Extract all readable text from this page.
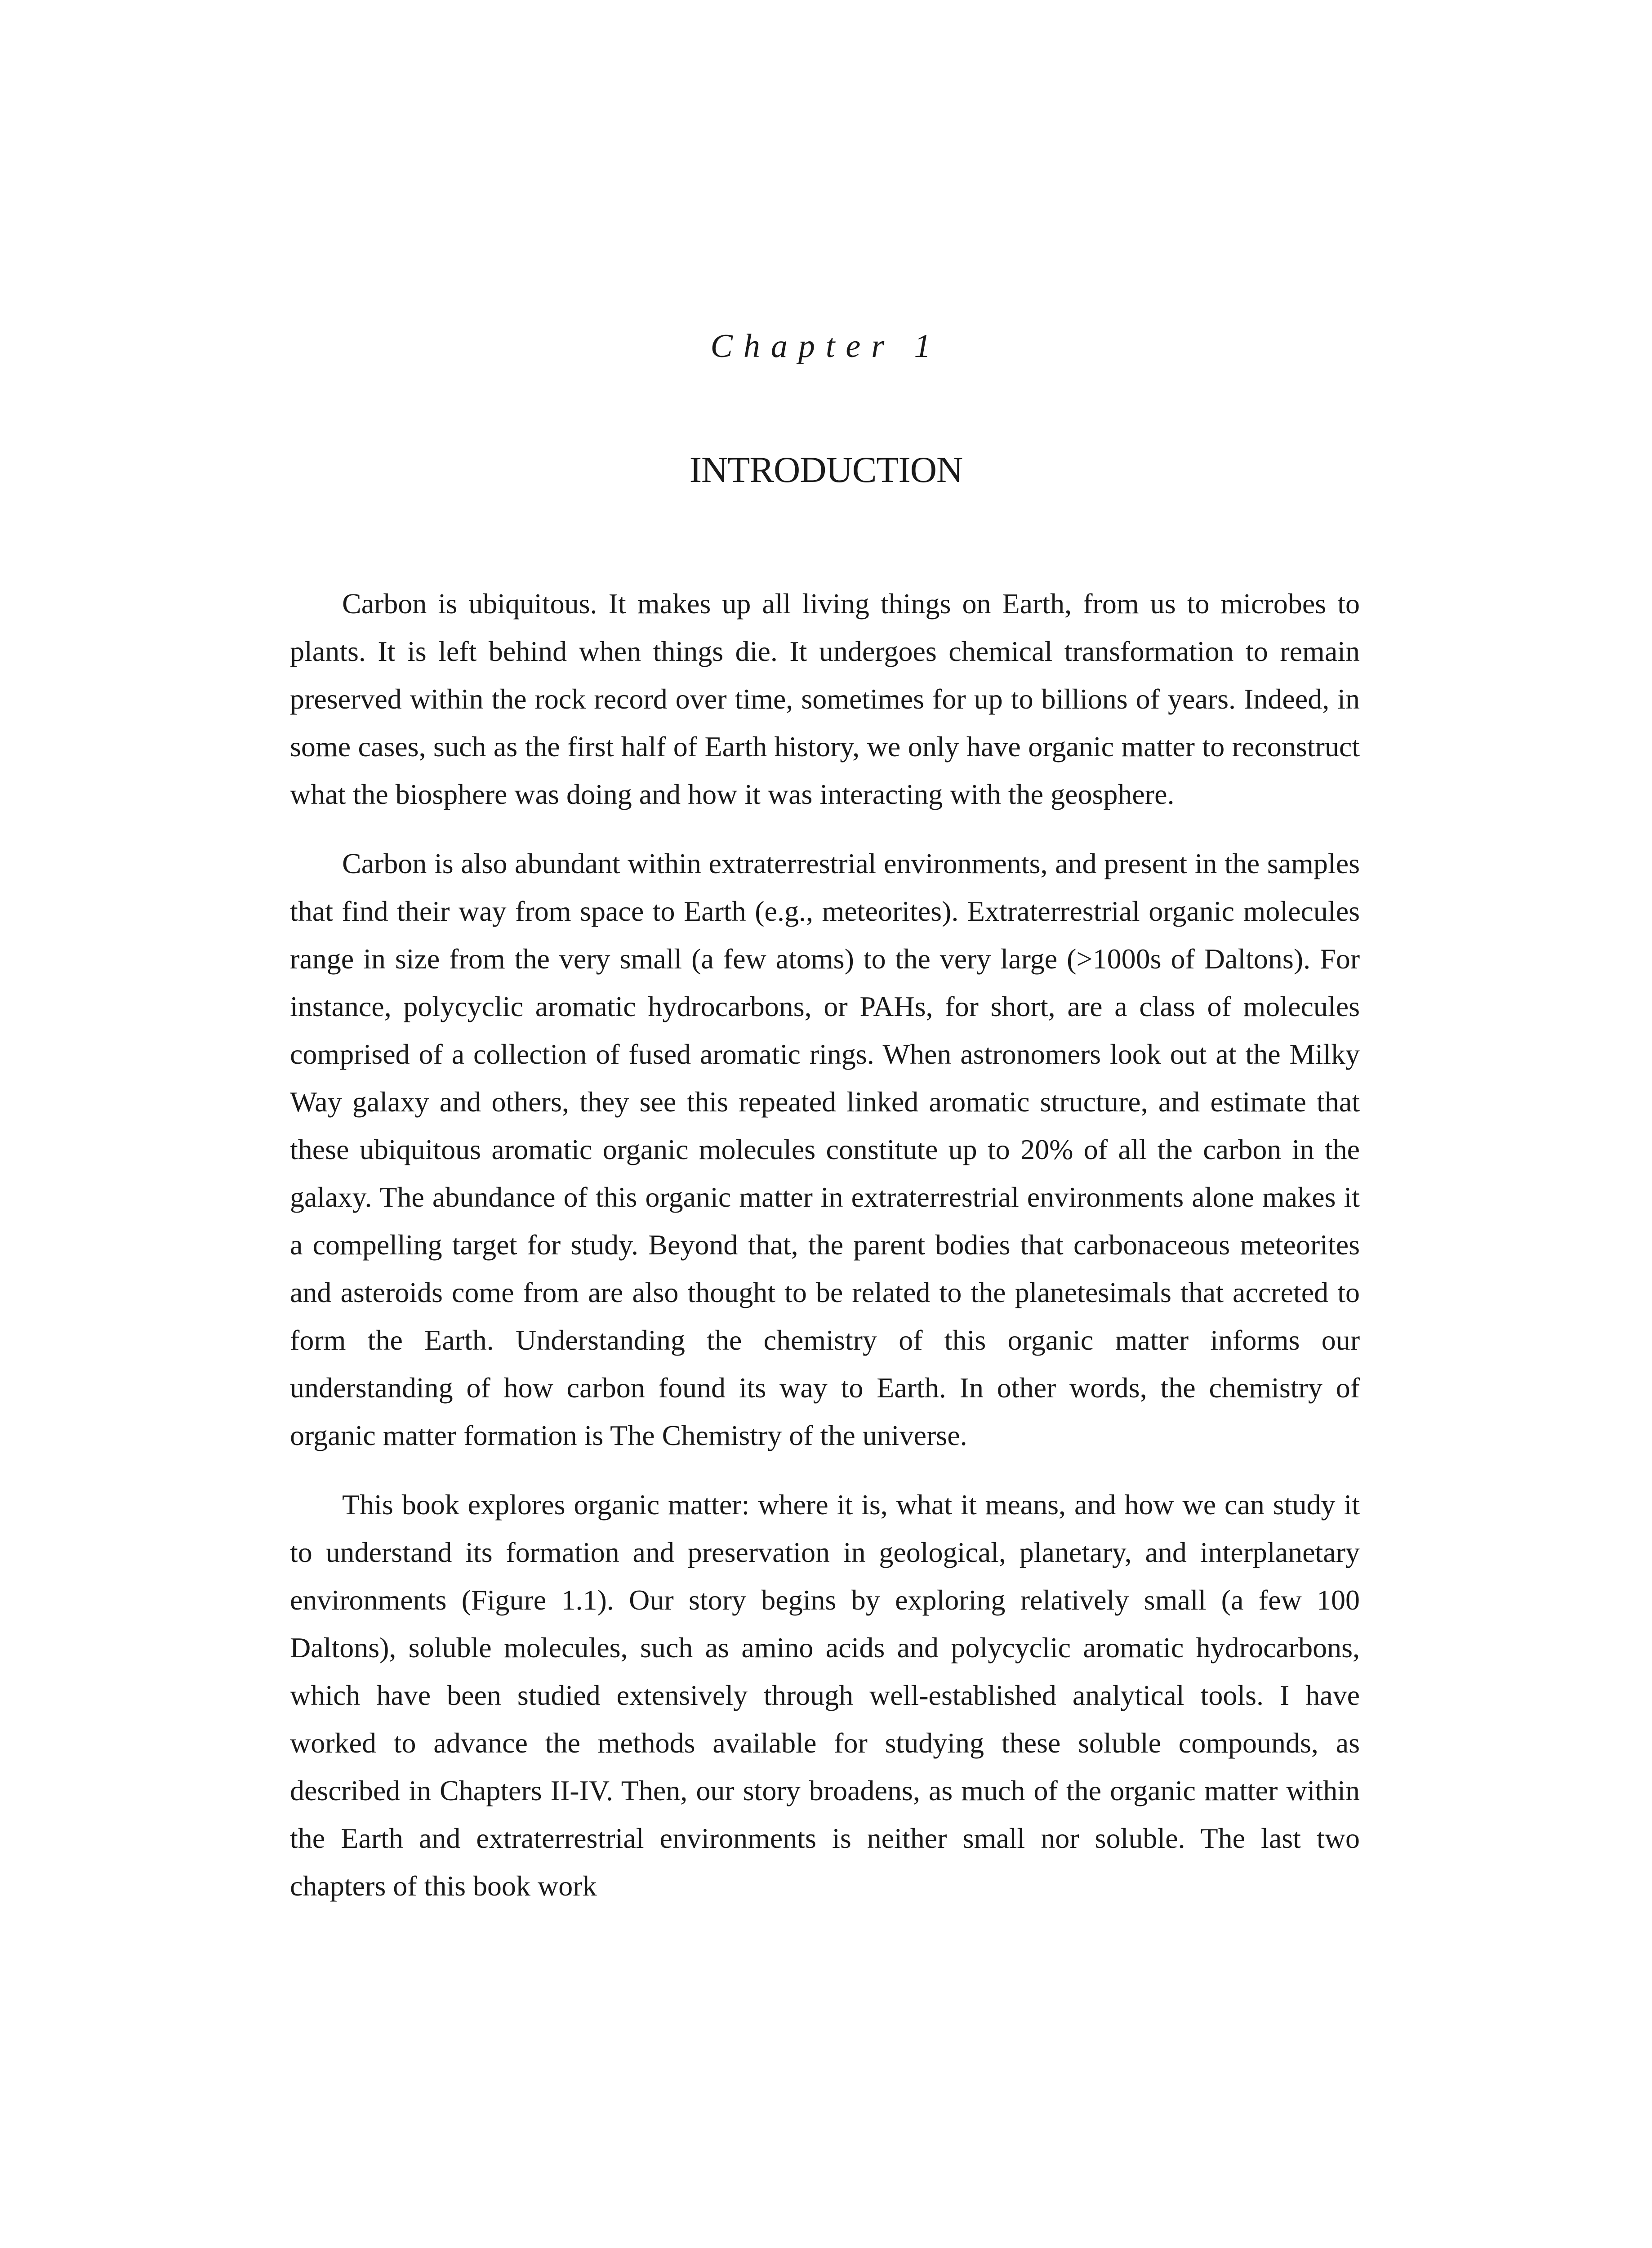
Chapter 1
INTRODUCTION

Carbon is ubiquitous. It makes up all living things on Earth, from us to microbes to plants. It is left behind when things die. It undergoes chemical transformation to remain preserved within the rock record over time, sometimes for up to billions of years. Indeed, in some cases, such as the first half of Earth history, we only have organic matter to reconstruct what the biosphere was doing and how it was interacting with the geosphere.

Carbon is also abundant within extraterrestrial environments, and present in the samples that find their way from space to Earth (e.g., meteorites). Extraterrestrial organic molecules range in size from the very small (a few atoms) to the very large (>1000s of Daltons). For instance, polycyclic aromatic hydrocarbons, or PAHs, for short, are a class of molecules comprised of a collection of fused aromatic rings. When astronomers look out at the Milky Way galaxy and others, they see this repeated linked aromatic structure, and estimate that these ubiquitous aromatic organic molecules constitute up to 20% of all the carbon in the galaxy. The abundance of this organic matter in extraterrestrial environments alone makes it a compelling target for study. Beyond that, the parent bodies that carbonaceous meteorites and asteroids come from are also thought to be related to the planetesimals that accreted to form the Earth. Understanding the chemistry of this organic matter informs our understanding of how carbon found its way to Earth. In other words, the chemistry of organic matter formation is The Chemistry of the universe.

This book explores organic matter: where it is, what it means, and how we can study it to understand its formation and preservation in geological, planetary, and interplanetary environments (Figure 1.1). Our story begins by exploring relatively small (a few 100 Daltons), soluble molecules, such as amino acids and polycyclic aromatic hydrocarbons, which have been studied extensively through well-established analytical tools. I have worked to advance the methods available for studying these soluble compounds, as described in Chapters II-IV. Then, our story broadens, as much of the organic matter within the Earth and extraterrestrial environments is neither small nor soluble. The last two chapters of this book work
